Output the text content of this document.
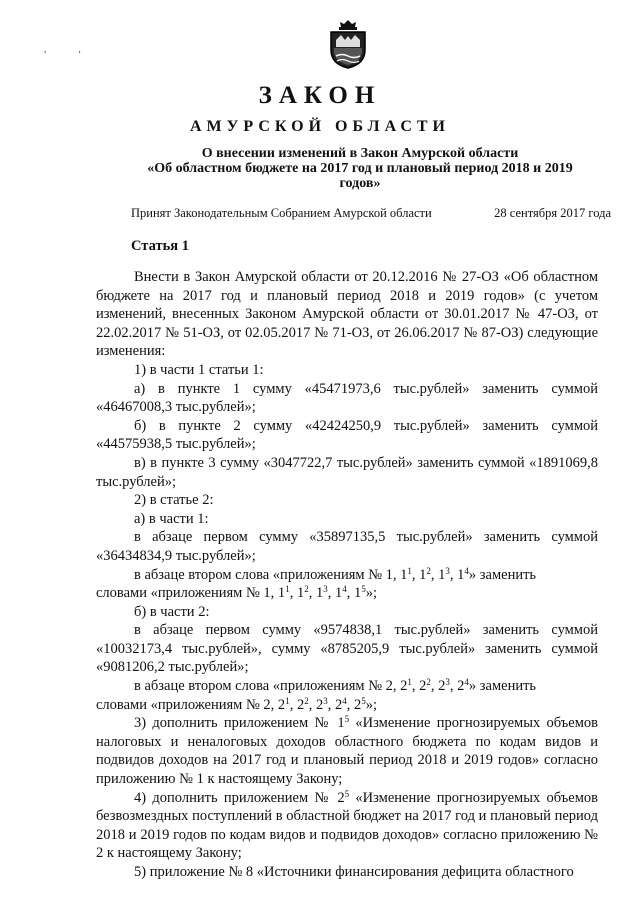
,	,
ЗАКОН
АМУРСКОЙ ОБЛАСТИ
О внесении изменений в Закон Амурской области
«Об областном бюджете на 2017 год и плановый период 2018 и 2019
годов»
Принят Законодательным Собранием Амурской области	28 сентября 2017 года
Статья 1

Внести в Закон Амурской области от 20.12.2016 № 27-ОЗ «Об областном бюджете на 2017 год и плановый период 2018 и 2019 годов» (с учетом изменений, внесенных Законом Амурской области от 30.01.2017 № 47-ОЗ, от 22.02.2017 № 51-ОЗ, от 02.05.2017 № 71-ОЗ, от 26.06.2017 № 87-ОЗ) следующие изменения:

1) в части 1 статьи 1:

а) в пункте 1 сумму «45471973,6 тыс.рублей» заменить суммой «46467008,3 тыс.рублей»;

б) в пункте 2 сумму «42424250,9 тыс.рублей» заменить суммой «44575938,5 тыс.рублей»;

в) в пункте 3 сумму «3047722,7 тыс.рублей» заменить суммой «1891069,8 тыс.рублей»;

2) в статье 2:

а) в части 1:

в абзаце первом сумму «35897135,5 тыс.рублей» заменить суммой «36434834,9 тыс.рублей»;

в абзаце втором слова «приложениям № 1, $1^1$, $1^2$, $1^3$, $1^4$» заменить
словами «приложениям № 1, $1^1$, $1^2$, $1^3$, $1^4$, $1^5$»;

б) в части 2:

в абзаце первом сумму «9574838,1 тыс.рублей» заменить суммой «10032173,4 тыс.рублей», сумму «8785205,9 тыс.рублей» заменить суммой «9081206,2 тыс.рублей»;

в абзаце втором слова «приложениям № 2, $2^1$, $2^2$, $2^3$, $2^4$» заменить
словами «приложениям № 2, $2^1$, $2^2$, $2^3$, $2^4$, $2^5$»;

3) дополнить приложением № $1^5$ «Изменение прогнозируемых объемов налоговых и неналоговых доходов областного бюджета по кодам видов и подвидов доходов на 2017 год и плановый период 2018 и 2019 годов» согласно приложению № 1 к настоящему Закону;

4) дополнить приложением № $2^5$ «Изменение прогнозируемых объемов безвозмездных поступлений в областной бюджет на 2017 год и плановый период 2018 и 2019 годов по кодам видов и подвидов доходов» согласно приложению № 2 к настоящему Закону;

5) приложение № 8 «Источники финансирования дефицита областного
